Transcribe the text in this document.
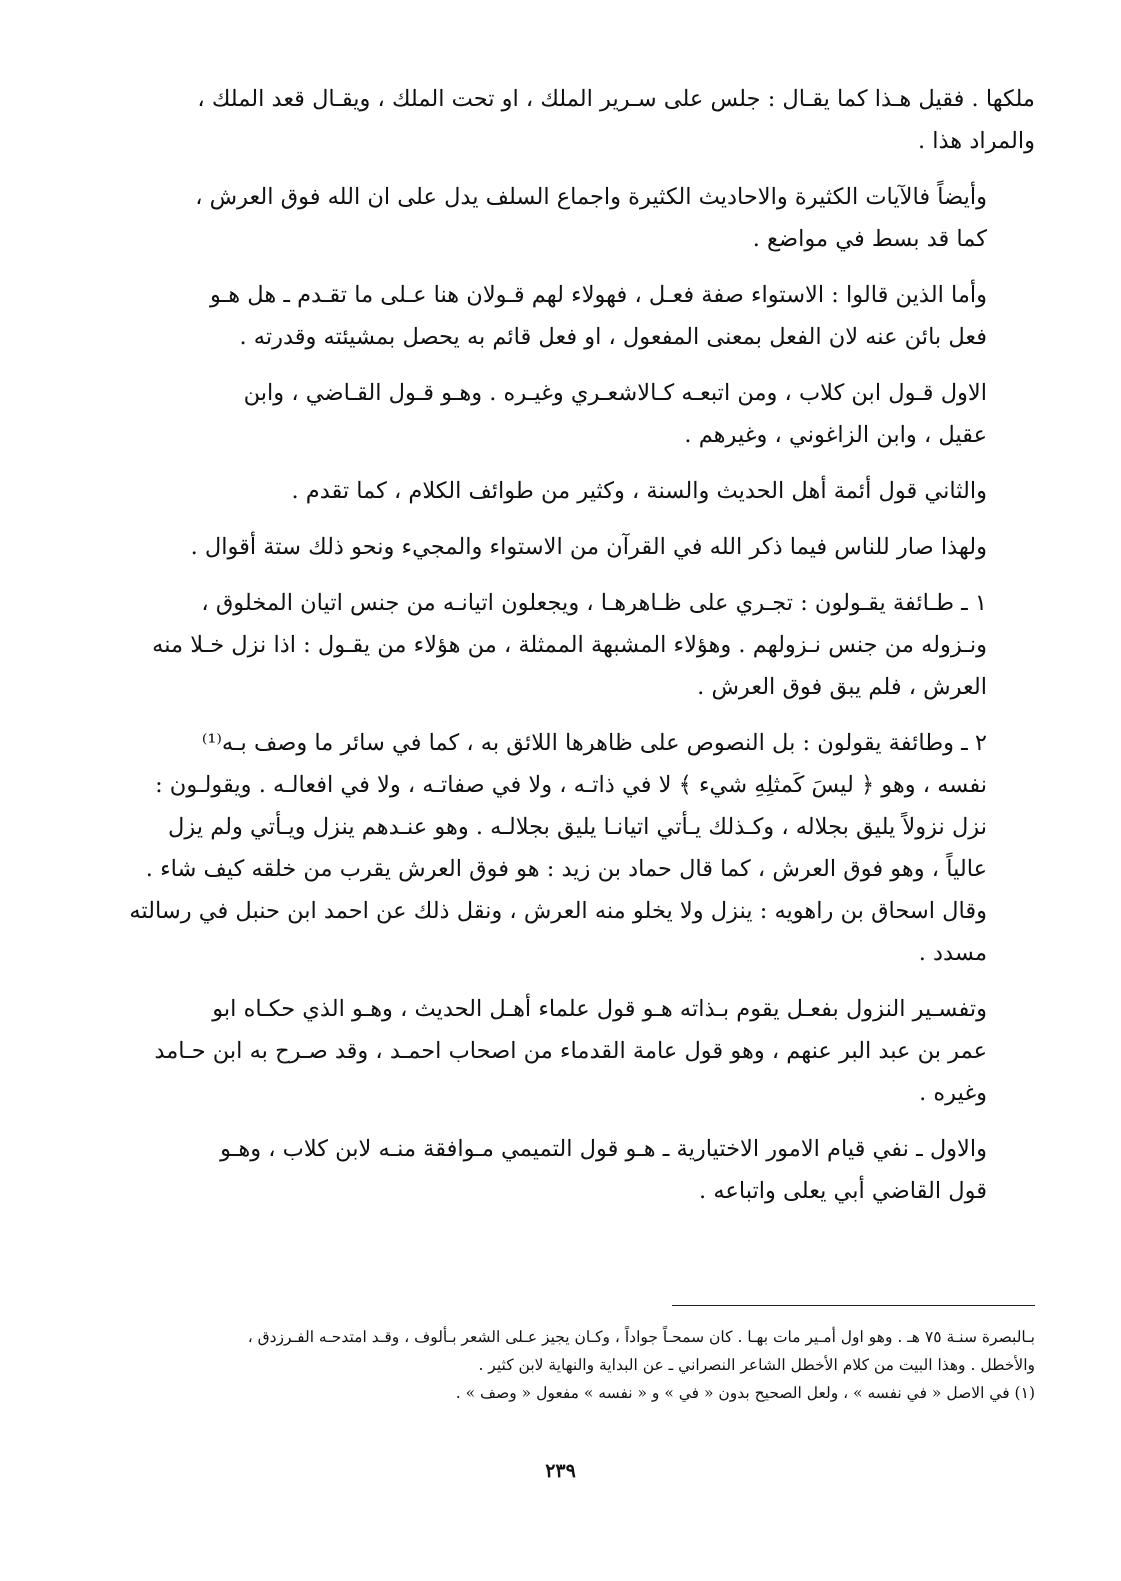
ملكها . فقيل هـذا كما يقـال : جلس على سـرير الملك ، او تحت الملك ، ويقـال قعد الملك ،
والمراد هذا .

وأيضاً فالآيات الكثيرة والاحاديث الكثيرة واجماع السلف يدل على ان الله فوق العرش ،
كما قد بسط في مواضع .

وأما الذين قالوا : الاستواء صفة فعـل ، فهولاء لهم قـولان هنا عـلى ما تقـدم ـ هل هـو
فعل بائن عنه لان الفعل بمعنى المفعول ، او فعل قائم به يحصل بمشيئته وقدرته .

الاول قـول ابن كلاب ، ومن اتبعـه كـالاشعـري وغيـره . وهـو قـول القـاضي ، وابن
عقيل ، وابن الزاغوني ، وغيرهم .

والثاني قول أئمة أهل الحديث والسنة ، وكثير من طوائف الكلام ، كما تقدم .

ولهذا صار للناس فيما ذكر الله في القرآن من الاستواء والمجيء ونحو ذلك ستة أقوال .

١ ـ طـائفة يقـولون : تجـري على ظـاهرهـا ، ويجعلون اتيانـه من جنس اتيان المخلوق ،
ونـزوله من جنس نـزولهم . وهؤلاء المشبهة الممثلة ، من هؤلاء من يقـول : اذا نزل خـلا منه
العرش ، فلم يبق فوق العرش .

٢ ـ وطائفة يقولون : بل النصوص على ظاهرها اللائق به ، كما في سائر ما وصف بـه⁽¹⁾
نفسه ، وهو ﴿ ليسَ كَمثلِهِ شيء ﴾ لا في ذاتـه ، ولا في صفاتـه ، ولا في افعالـه . ويقولـون :
نزل نزولاً يليق بجلاله ، وكـذلك يـأتي اتيانـا يليق بجلالـه . وهو عنـدهم ينزل ويـأتي ولم يزل
عالياً ، وهو فوق العرش ، كما قال حماد بن زيد : هو فوق العرش يقرب من خلقه كيف شاء .
وقال اسحاق بن راهويه : ينزل ولا يخلو منه العرش ، ونقل ذلك عن احمد ابن حنبل في رسالته
مسدد .

وتفسـير النزول بفعـل يقوم بـذاته هـو قول علماء أهـل الحديث ، وهـو الذي حكـاه ابو
عمر بن عبد البر عنهم ، وهو قول عامة القدماء من اصحاب احمـد ، وقد صـرح به ابن حـامد
وغيره .

والاول ـ نفي قيام الامور الاختيارية ـ هـو قول التميمي مـوافقة منـه لابن كلاب ، وهـو
قول القاضي أبي يعلى واتباعه .

بـالبصرة سنـة ٧٥ هـ . وهو اول أمـير مات بهـا . كان سمحـاً جواداً ، وكـان يجيز عـلى الشعر بـألوف ، وقـد امتدحـه الفـرزدق ،
والأخطل . وهذا البيت من كلام الأخطل الشاعر النصراني ـ عن البداية والنهاية لابن كثير .
(١) في الاصل « في نفسه » ، ولعل الصحيح بدون « في » و « نفسه » مفعول « وصف » .
٢٣٩
